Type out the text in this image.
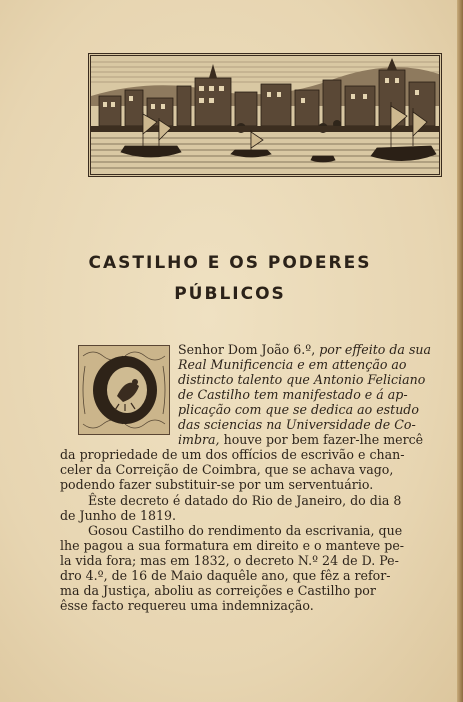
CASTILHO E OS PODERES
PÚBLICOS
Senhor Dom João 6.º, por effeito da sua
Real Munificencia e em attenção ao
distincto talento que Antonio Feliciano
de Castilho tem manifestado e á ap-
plicação com que se dedica ao estudo
das sciencias na Universidade de Co-
imbra, houve por bem fazer-lhe mercê
da propriedade de um dos offícios de escrivão e chan-
celer da Correição de Coimbra, que se achava vago,
podendo fazer substituir-se por um serventuário.
Êste decreto é datado do Rio de Janeiro, do dia 8
de Junho de 1819.
Gosou Castilho do rendimento da escrivania, que
lhe pagou a sua formatura em direito e o manteve pe-
la vida fora; mas em 1832, o decreto N.º 24 de D. Pe-
dro 4.º, de 16 de Maio daquêle ano, que fêz a refor-
ma da Justiça, aboliu as correições e Castilho por
êsse facto requereu uma indemnização.
